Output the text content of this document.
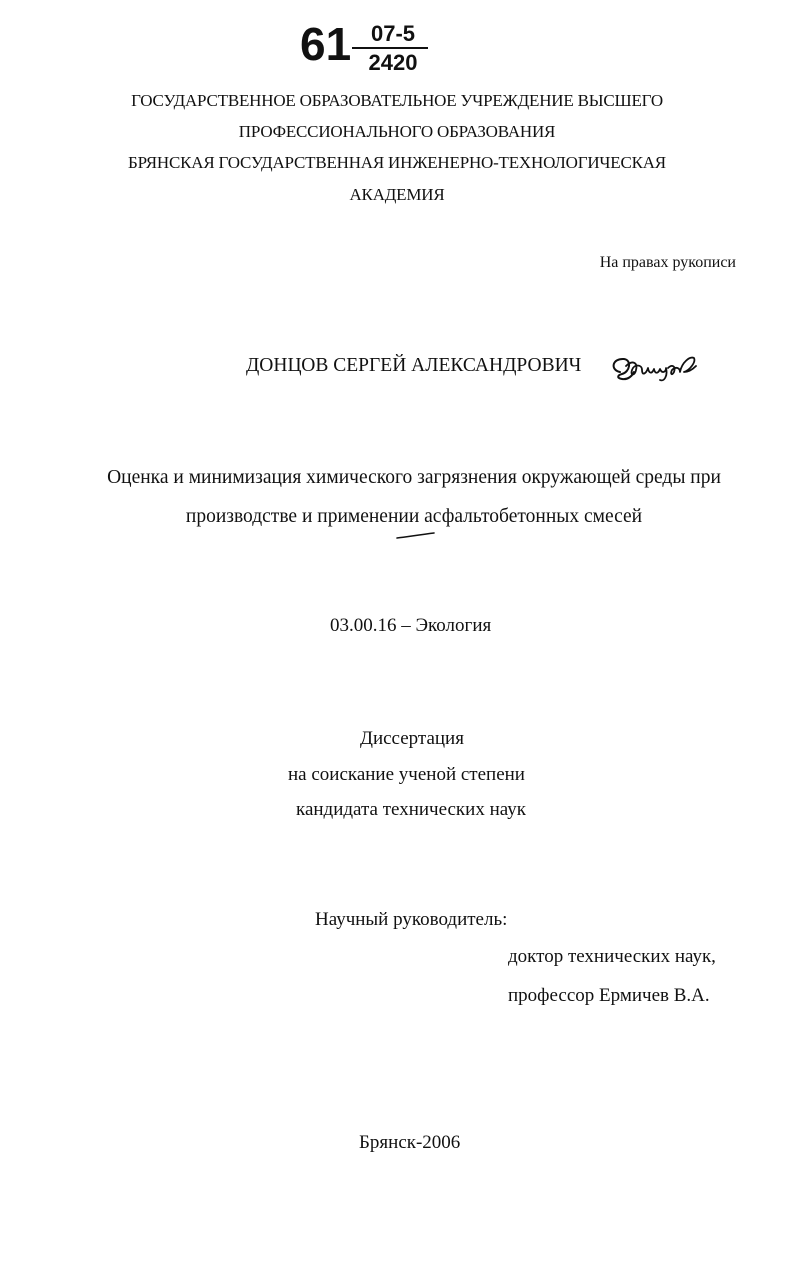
61 07-5
2420
ГОСУДАРСТВЕННОЕ ОБРАЗОВАТЕЛЬНОЕ УЧРЕЖДЕНИЕ ВЫСШЕГО
ПРОФЕССИОНАЛЬНОГО ОБРАЗОВАНИЯ
БРЯНСКАЯ ГОСУДАРСТВЕННАЯ ИНЖЕНЕРНО-ТЕХНОЛОГИЧЕСКАЯ
АКАДЕМИЯ
На правах рукописи
ДОНЦОВ СЕРГЕЙ АЛЕКСАНДРОВИЧ
Оценка и минимизация химического загрязнения окружающей среды при
производстве и применении асфальтобетонных смесей
03.00.16 – Экология
Диссертация
на соискание ученой степени
кандидата технических наук
Научный руководитель:
доктор технических наук,
профессор Ермичев В.А.
Брянск-2006
